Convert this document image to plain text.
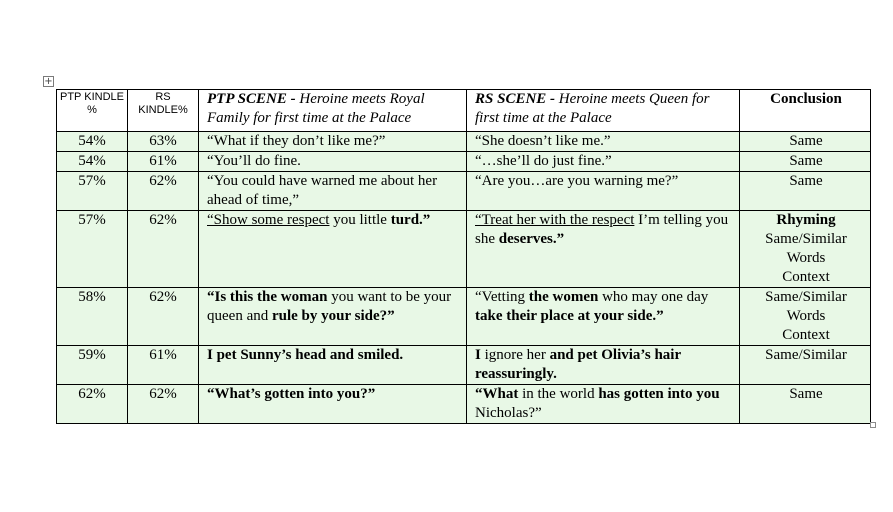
+
PTP KINDLE %	RS KINDLE%	PTP SCENE - Heroine meets Royal Family for first time at the Palace	RS SCENE - Heroine meets Queen for first time at the Palace	Conclusion
54%	63%	“What if they don’t like me?”	“She doesn’t like me.”	Same
54%	61%	“You’ll do fine.	“…she’ll do just fine.”	Same
57%	62%	“You could have warned me about her ahead of time,”	“Are you…are you warning me?”	Same
57%	62%	“Show some respect you little turd.”	“Treat her with the respect I’m telling you she deserves.”	Rhyming
Same/Similar
Words
Context
58%	62%	“Is this the woman you want to be your queen and rule by your side?”	“Vetting the women who may one day take their place at your side.”	Same/Similar
Words
Context
59%	61%	I pet Sunny’s head and smiled.	I ignore her and pet Olivia’s hair reassuringly.	Same/Similar
62%	62%	“What’s gotten into you?”	“What in the world has gotten into you Nicholas?”	Same
